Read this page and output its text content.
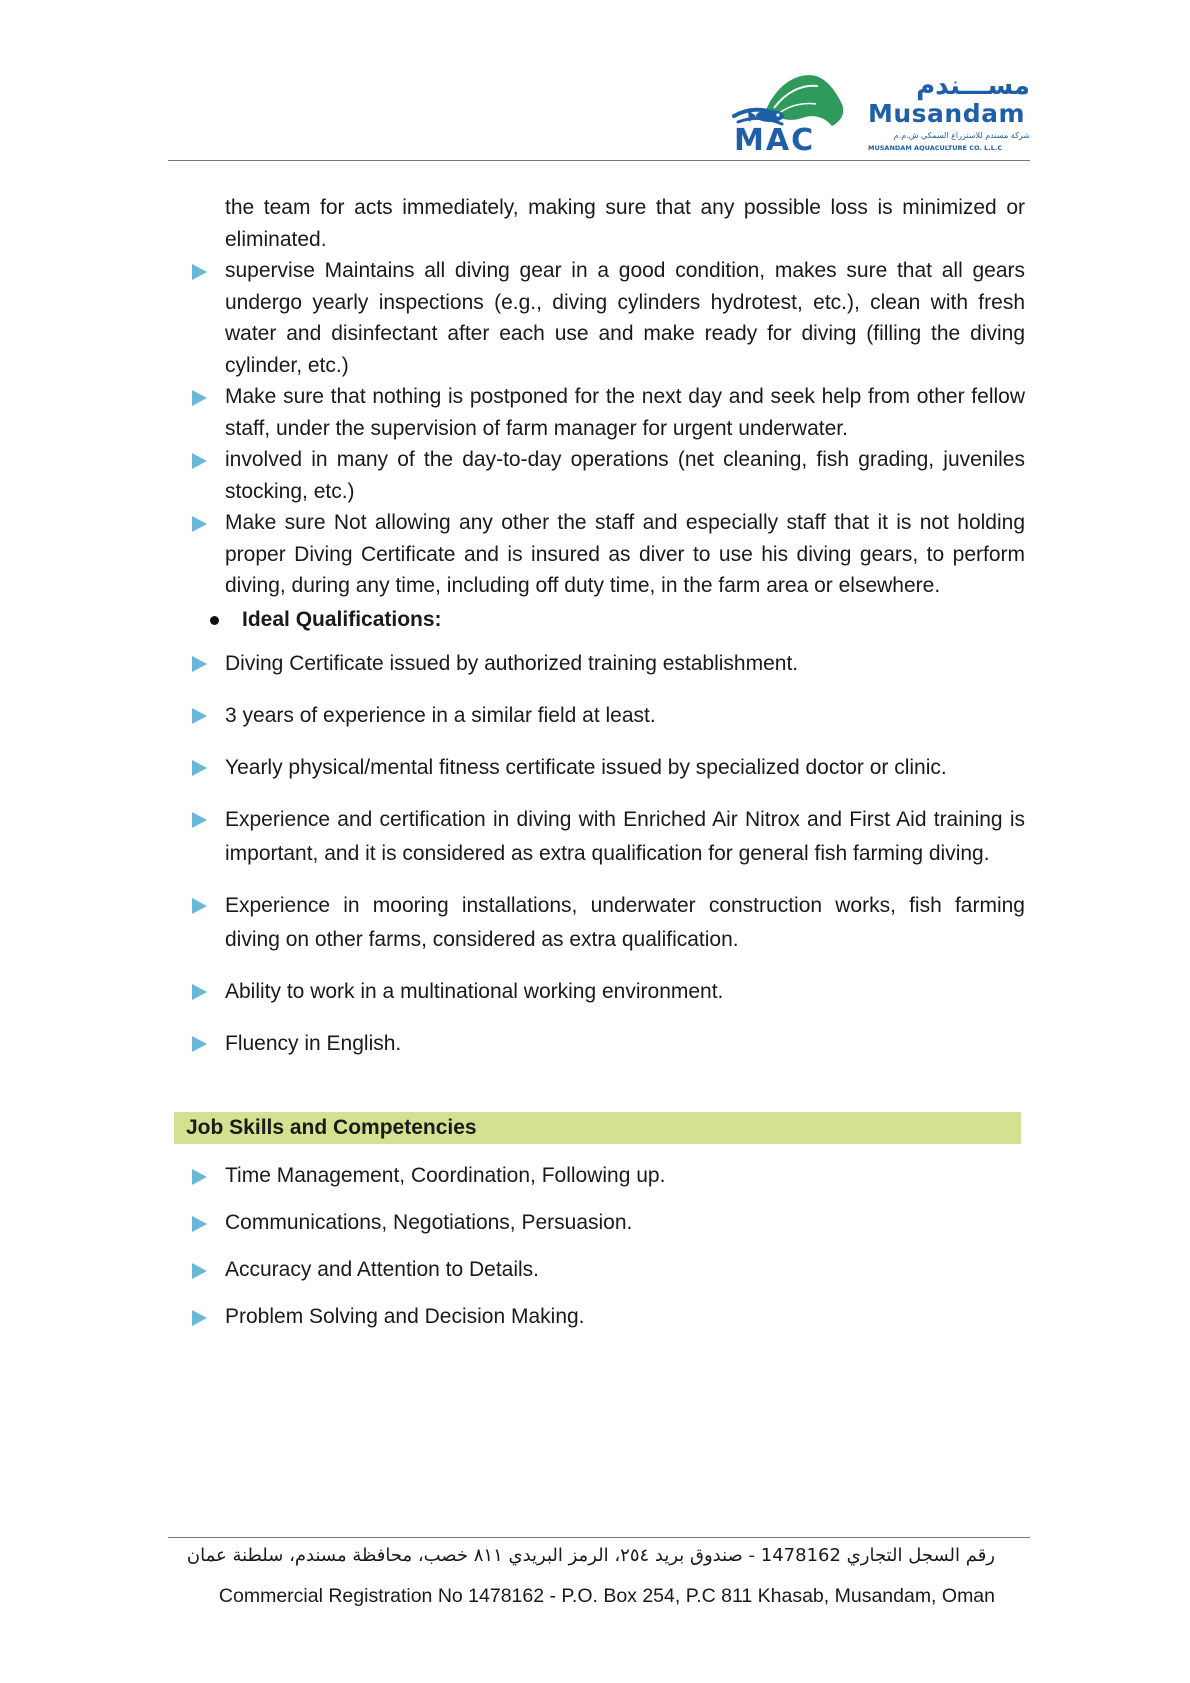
MAC
مســـندم
Musandam
شركة مسندم للاستزراع السمكي ش.م.م
MUSANDAM AQUACULTURE CO. L.L.C

the team for acts immediately, making sure that any possible loss is minimized or eliminated.

supervise Maintains all diving gear in a good condition, makes sure that all gears undergo yearly inspections (e.g., diving cylinders hydrotest, etc.), clean with fresh water and disinfectant after each use and make ready for diving (filling the diving cylinder, etc.)
Make sure that nothing is postponed for the next day and seek help from other fellow staff, under the supervision of farm manager for urgent underwater.
involved in many of the day-to-day operations (net cleaning, fish grading, juveniles stocking, etc.)
Make sure Not allowing any other the staff and especially staff that it is not holding proper Diving Certificate and is insured as diver to use his diving gears, to perform diving, during any time, including off duty time, in the farm area or elsewhere.
Ideal Qualifications:
Diving Certificate issued by authorized training establishment.
3 years of experience in a similar field at least.
Yearly physical/mental fitness certificate issued by specialized doctor or clinic.
Experience and certification in diving with Enriched Air Nitrox and First Aid training is important, and it is considered as extra qualification for general fish farming diving.
Experience in mooring installations, underwater construction works, fish farming diving on other farms, considered as extra qualification.
Ability to work in a multinational working environment.
Fluency in English.
Job Skills and Competencies
Time Management, Coordination, Following up.
Communications, Negotiations, Persuasion.
Accuracy and Attention to Details.
Problem Solving and Decision Making.
رقم السجل التجاري 1478162 - صندوق بريد ٢٥٤، الرمز البريدي ٨١١ خصب، محافظة مسندم، سلطنة عمان
Commercial Registration No 1478162 - P.O. Box 254, P.C 811 Khasab, Musandam, Oman
